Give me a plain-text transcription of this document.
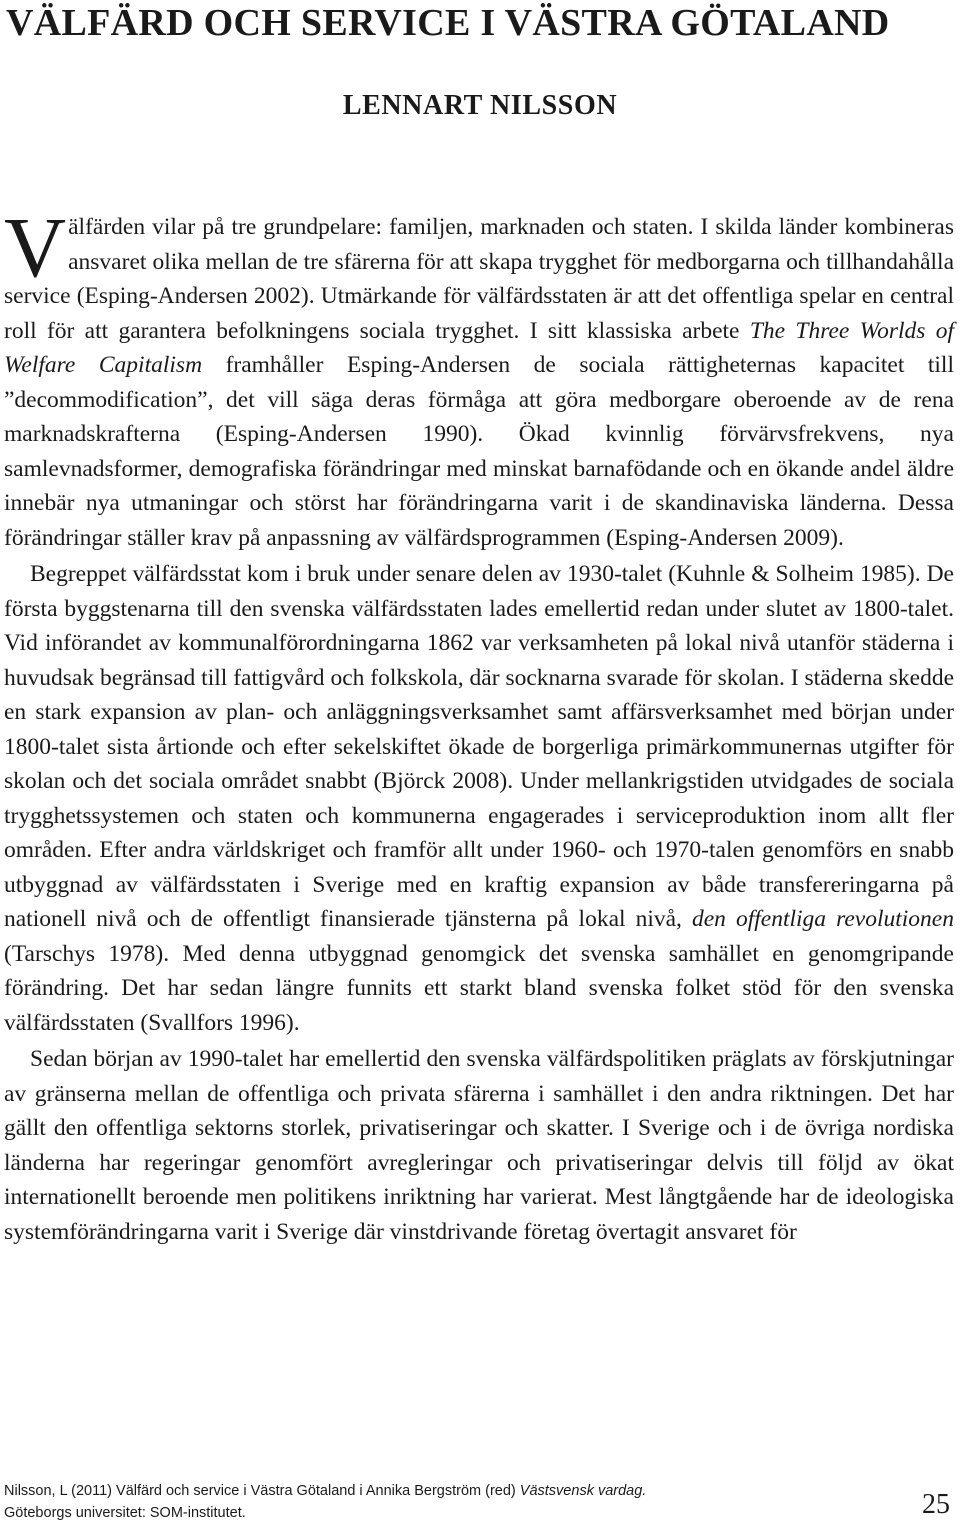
VÄLFÄRD OCH SERVICE I VÄSTRA GÖTALAND
LENNART NILSSON

Välfärden vilar på tre grundpelare: familjen, marknaden och staten. I skilda länder kombineras ansvaret olika mellan de tre sfärerna för att skapa trygghet för medborgarna och tillhandahålla service (Esping-Andersen 2002). Utmärkande för välfärdsstaten är att det offentliga spelar en central roll för att garantera befolkningens sociala trygghet. I sitt klassiska arbete The Three Worlds of Welfare Capitalism framhåller Esping-Andersen de sociala rättigheternas kapacitet till ”decommodification”, det vill säga deras förmåga att göra medborgare oberoende av de rena marknadskrafterna (Esping-Andersen 1990). Ökad kvinnlig förvärvsfrekvens, nya samlevnadsformer, demografiska förändringar med minskat barnafödande och en ökande andel äldre innebär nya utmaningar och störst har förändringarna varit i de skandinaviska länderna. Dessa förändringar ställer krav på anpassning av välfärdsprogrammen (Esping-Andersen 2009).

Begreppet välfärdsstat kom i bruk under senare delen av 1930-talet (Kuhnle & Solheim 1985). De första byggstenarna till den svenska välfärdsstaten lades emellertid redan under slutet av 1800-talet. Vid införandet av kommunalförordningarna 1862 var verksamheten på lokal nivå utanför städerna i huvudsak begränsad till fattigvård och folkskola, där socknarna svarade för skolan. I städerna skedde en stark expansion av plan- och anläggningsverksamhet samt affärsverksamhet med början under 1800-talet sista årtionde och efter sekelskiftet ökade de borgerliga primärkommunernas utgifter för skolan och det sociala området snabbt (Björck 2008). Under mellankrigstiden utvidgades de sociala trygghetssystemen och staten och kommunerna engagerades i serviceproduktion inom allt fler områden. Efter andra världskriget och framför allt under 1960- och 1970-talen genomförs en snabb utbyggnad av välfärdsstaten i Sverige med en kraftig expansion av både transfereringarna på nationell nivå och de offentligt finansierade tjänsterna på lokal nivå, den offentliga revolutionen (Tarschys 1978). Med denna utbyggnad genomgick det svenska samhället en genomgripande förändring. Det har sedan längre funnits ett starkt bland svenska folket stöd för den svenska välfärdsstaten (Svallfors 1996).

Sedan början av 1990-talet har emellertid den svenska välfärdspolitiken präglats av förskjutningar av gränserna mellan de offentliga och privata sfärerna i samhället i den andra riktningen. Det har gällt den offentliga sektorns storlek, privatiseringar och skatter. I Sverige och i de övriga nordiska länderna har regeringar genomfört avregleringar och privatiseringar delvis till följd av ökat internationellt beroende men politikens inriktning har varierat. Mest långtgående har de ideologiska systemförändringarna varit i Sverige där vinstdrivande företag övertagit ansvaret för

Nilsson, L (2011) Välfärd och service i Västra Götaland i Annika Bergström (red) Västsvensk vardag.
Göteborgs universitet: SOM-institutet.	25
